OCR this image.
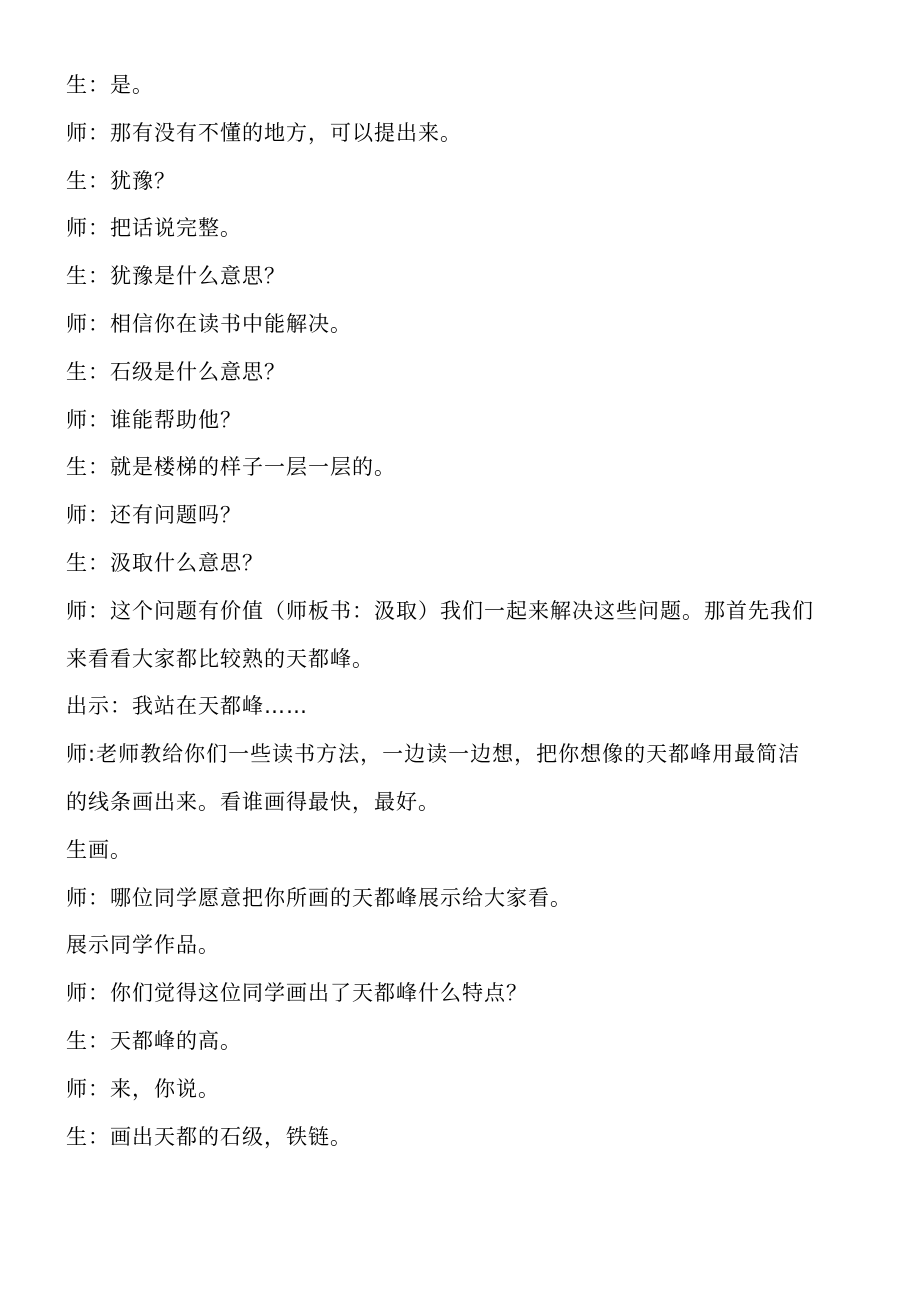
生：是。
师：那有没有不懂的地方，可以提出来。
生：犹豫？
师：把话说完整。
生：犹豫是什么意思？
师：相信你在读书中能解决。
生：石级是什么意思？
师：谁能帮助他？
生：就是楼梯的样子一层一层的。
师：还有问题吗？
生：汲取什么意思？
师：这个问题有价值（师板书：汲取）我们一起来解决这些问题。那首先我们
来看看大家都比较熟的天都峰。
出示：我站在天都峰……
师:老师教给你们一些读书方法，一边读一边想，把你想像的天都峰用最简洁
的线条画出来。看谁画得最快，最好。
生画。
师：哪位同学愿意把你所画的天都峰展示给大家看。
展示同学作品。
师：你们觉得这位同学画出了天都峰什么特点？
生：天都峰的高。
师：来，你说。
生：画出天都的石级，铁链。
